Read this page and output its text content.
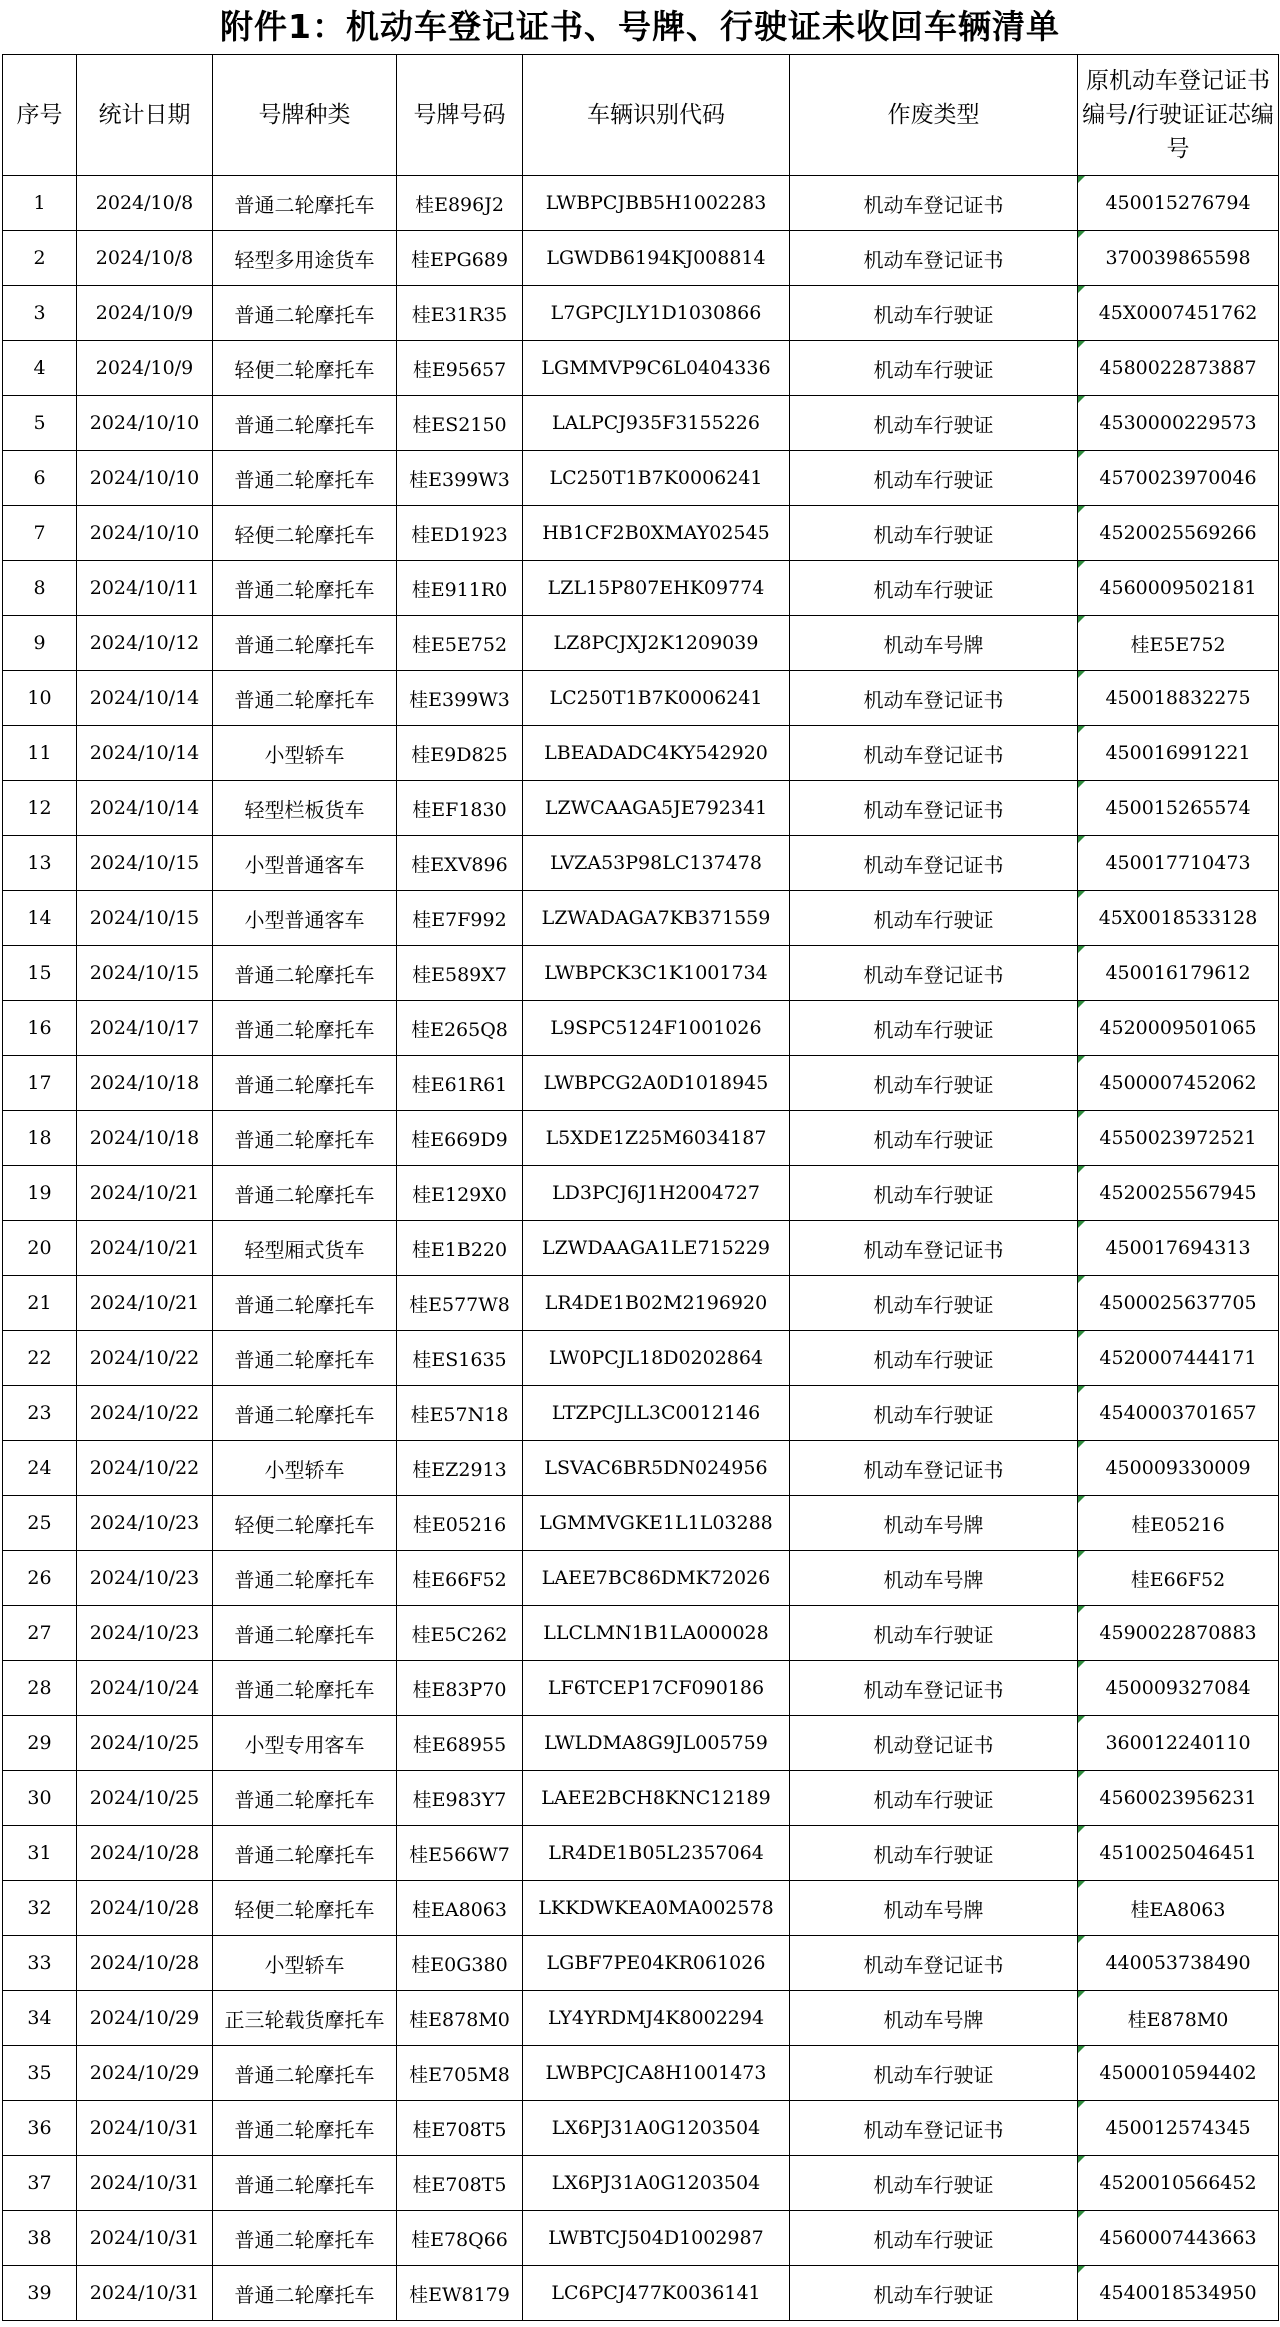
附件1：机动车登记证书、号牌、行驶证未收回车辆清单
序号	统计日期	号牌种类	号牌号码	车辆识别代码	作废类型	原机动车登记证书编号/行驶证证芯编号
1	2024/10/8	普通二轮摩托车	桂E896J2	LWBPCJBB5H1002283	机动车登记证书	450015276794
2	2024/10/8	轻型多用途货车	桂EPG689	LGWDB6194KJ008814	机动车登记证书	370039865598
3	2024/10/9	普通二轮摩托车	桂E31R35	L7GPCJLY1D1030866	机动车行驶证	45X0007451762
4	2024/10/9	轻便二轮摩托车	桂E95657	LGMMVP9C6L0404336	机动车行驶证	4580022873887
5	2024/10/10	普通二轮摩托车	桂ES2150	LALPCJ935F3155226	机动车行驶证	4530000229573
6	2024/10/10	普通二轮摩托车	桂E399W3	LC250T1B7K0006241	机动车行驶证	4570023970046
7	2024/10/10	轻便二轮摩托车	桂ED1923	HB1CF2B0XMAY02545	机动车行驶证	4520025569266
8	2024/10/11	普通二轮摩托车	桂E911R0	LZL15P807EHK09774	机动车行驶证	4560009502181
9	2024/10/12	普通二轮摩托车	桂E5E752	LZ8PCJXJ2K1209039	机动车号牌	桂E5E752
10	2024/10/14	普通二轮摩托车	桂E399W3	LC250T1B7K0006241	机动车登记证书	450018832275
11	2024/10/14	小型轿车	桂E9D825	LBEADADC4KY542920	机动车登记证书	450016991221
12	2024/10/14	轻型栏板货车	桂EF1830	LZWCAAGA5JE792341	机动车登记证书	450015265574
13	2024/10/15	小型普通客车	桂EXV896	LVZA53P98LC137478	机动车登记证书	450017710473
14	2024/10/15	小型普通客车	桂E7F992	LZWADAGA7KB371559	机动车行驶证	45X0018533128
15	2024/10/15	普通二轮摩托车	桂E589X7	LWBPCK3C1K1001734	机动车登记证书	450016179612
16	2024/10/17	普通二轮摩托车	桂E265Q8	L9SPC5124F1001026	机动车行驶证	4520009501065
17	2024/10/18	普通二轮摩托车	桂E61R61	LWBPCG2A0D1018945	机动车行驶证	4500007452062
18	2024/10/18	普通二轮摩托车	桂E669D9	L5XDE1Z25M6034187	机动车行驶证	4550023972521
19	2024/10/21	普通二轮摩托车	桂E129X0	LD3PCJ6J1H2004727	机动车行驶证	4520025567945
20	2024/10/21	轻型厢式货车	桂E1B220	LZWDAAGA1LE715229	机动车登记证书	450017694313
21	2024/10/21	普通二轮摩托车	桂E577W8	LR4DE1B02M2196920	机动车行驶证	4500025637705
22	2024/10/22	普通二轮摩托车	桂ES1635	LW0PCJL18D0202864	机动车行驶证	4520007444171
23	2024/10/22	普通二轮摩托车	桂E57N18	LTZPCJLL3C0012146	机动车行驶证	4540003701657
24	2024/10/22	小型轿车	桂EZ2913	LSVAC6BR5DN024956	机动车登记证书	450009330009
25	2024/10/23	轻便二轮摩托车	桂E05216	LGMMVGKE1L1L03288	机动车号牌	桂E05216
26	2024/10/23	普通二轮摩托车	桂E66F52	LAEE7BC86DMK72026	机动车号牌	桂E66F52
27	2024/10/23	普通二轮摩托车	桂E5C262	LLCLMN1B1LA000028	机动车行驶证	4590022870883
28	2024/10/24	普通二轮摩托车	桂E83P70	LF6TCEP17CF090186	机动车登记证书	450009327084
29	2024/10/25	小型专用客车	桂E68955	LWLDMA8G9JL005759	机动登记证书	360012240110
30	2024/10/25	普通二轮摩托车	桂E983Y7	LAEE2BCH8KNC12189	机动车行驶证	4560023956231
31	2024/10/28	普通二轮摩托车	桂E566W7	LR4DE1B05L2357064	机动车行驶证	4510025046451
32	2024/10/28	轻便二轮摩托车	桂EA8063	LKKDWKEA0MA002578	机动车号牌	桂EA8063
33	2024/10/28	小型轿车	桂E0G380	LGBF7PE04KR061026	机动车登记证书	440053738490
34	2024/10/29	正三轮载货摩托车	桂E878M0	LY4YRDMJ4K8002294	机动车号牌	桂E878M0
35	2024/10/29	普通二轮摩托车	桂E705M8	LWBPCJCA8H1001473	机动车行驶证	4500010594402
36	2024/10/31	普通二轮摩托车	桂E708T5	LX6PJ31A0G1203504	机动车登记证书	450012574345
37	2024/10/31	普通二轮摩托车	桂E708T5	LX6PJ31A0G1203504	机动车行驶证	4520010566452
38	2024/10/31	普通二轮摩托车	桂E78Q66	LWBTCJ504D1002987	机动车行驶证	4560007443663
39	2024/10/31	普通二轮摩托车	桂EW8179	LC6PCJ477K0036141	机动车行驶证	4540018534950
